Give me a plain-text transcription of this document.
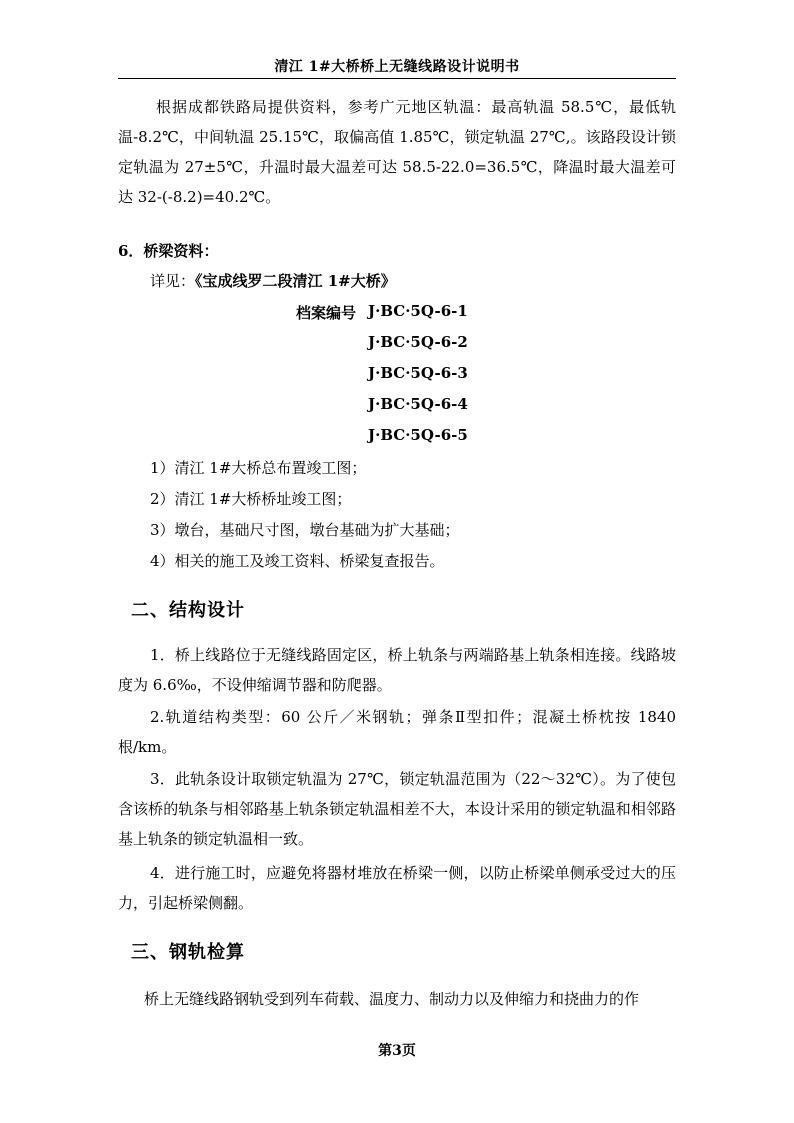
清江 1#大桥桥上无缝线路设计说明书
根据成都铁路局提供资料，参考广元地区轨温：最高轨温 58.5℃，最低轨温-8.2℃，中间轨温 25.15℃，取偏高值 1.85℃，锁定轨温 27℃,。该路段设计锁定轨温为 27±5℃，升温时最大温差可达 58.5-22.0=36.5℃，降温时最大温差可达 32-(-8.2)=40.2℃。
6．桥梁资料：
详见：《宝成线罗二段清江 1#大桥》
档案编号 J·BC·5Q-6-1
J·BC·5Q-6-2
J·BC·5Q-6-3
J·BC·5Q-6-4
J·BC·5Q-6-5
1）清江 1#大桥总布置竣工图；
2）清江 1#大桥桥址竣工图；
3）墩台，基础尺寸图，墩台基础为扩大基础；
4）相关的施工及竣工资料、桥梁复查报告。
二、结构设计
1．桥上线路位于无缝线路固定区，桥上轨条与两端路基上轨条相连接。线路坡度为 6.6‰，不设伸缩调节器和防爬器。
2.轨道结构类型：60 公斤／米钢轨；弹条Ⅱ型扣件；混凝土桥枕按 1840 根/km。
3．此轨条设计取锁定轨温为 27℃，锁定轨温范围为（22～32℃）。为了使包含该桥的轨条与相邻路基上轨条锁定轨温相差不大，本设计采用的锁定轨温和相邻路基上轨条的锁定轨温相一致。
4．进行施工时，应避免将器材堆放在桥梁一侧，以防止桥梁单侧承受过大的压力，引起桥梁侧翻。
三、钢轨检算
桥上无缝线路钢轨受到列车荷载、温度力、制动力以及伸缩力和挠曲力的作
第3页
